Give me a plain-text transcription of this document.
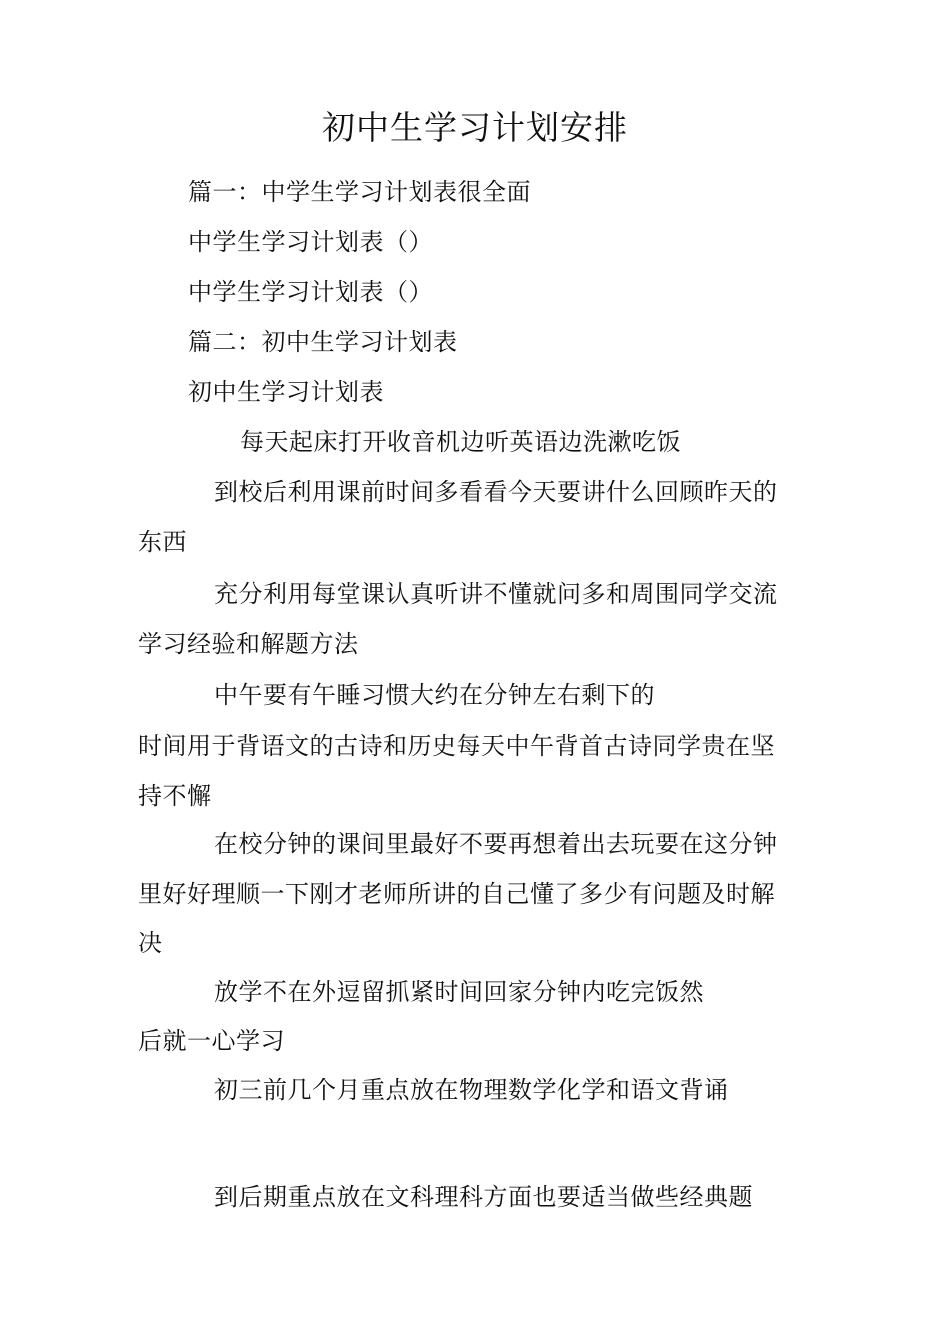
初中生学习计划安排
篇一：中学生学习计划表很全面
中学生学习计划表（）
中学生学习计划表（）
篇二：初中生学习计划表
初中生学习计划表
每天起床打开收音机边听英语边洗漱吃饭
到校后利用课前时间多看看今天要讲什么回顾昨天的
东西
充分利用每堂课认真听讲不懂就问多和周围同学交流
学习经验和解题方法
中午要有午睡习惯大约在分钟左右剩下的
时间用于背语文的古诗和历史每天中午背首古诗同学贵在坚
持不懈
在校分钟的课间里最好不要再想着出去玩要在这分钟
里好好理顺一下刚才老师所讲的自己懂了多少有问题及时解
决
放学不在外逗留抓紧时间回家分钟内吃完饭然
后就一心学习
初三前几个月重点放在物理数学化学和语文背诵
到后期重点放在文科理科方面也要适当做些经典题
